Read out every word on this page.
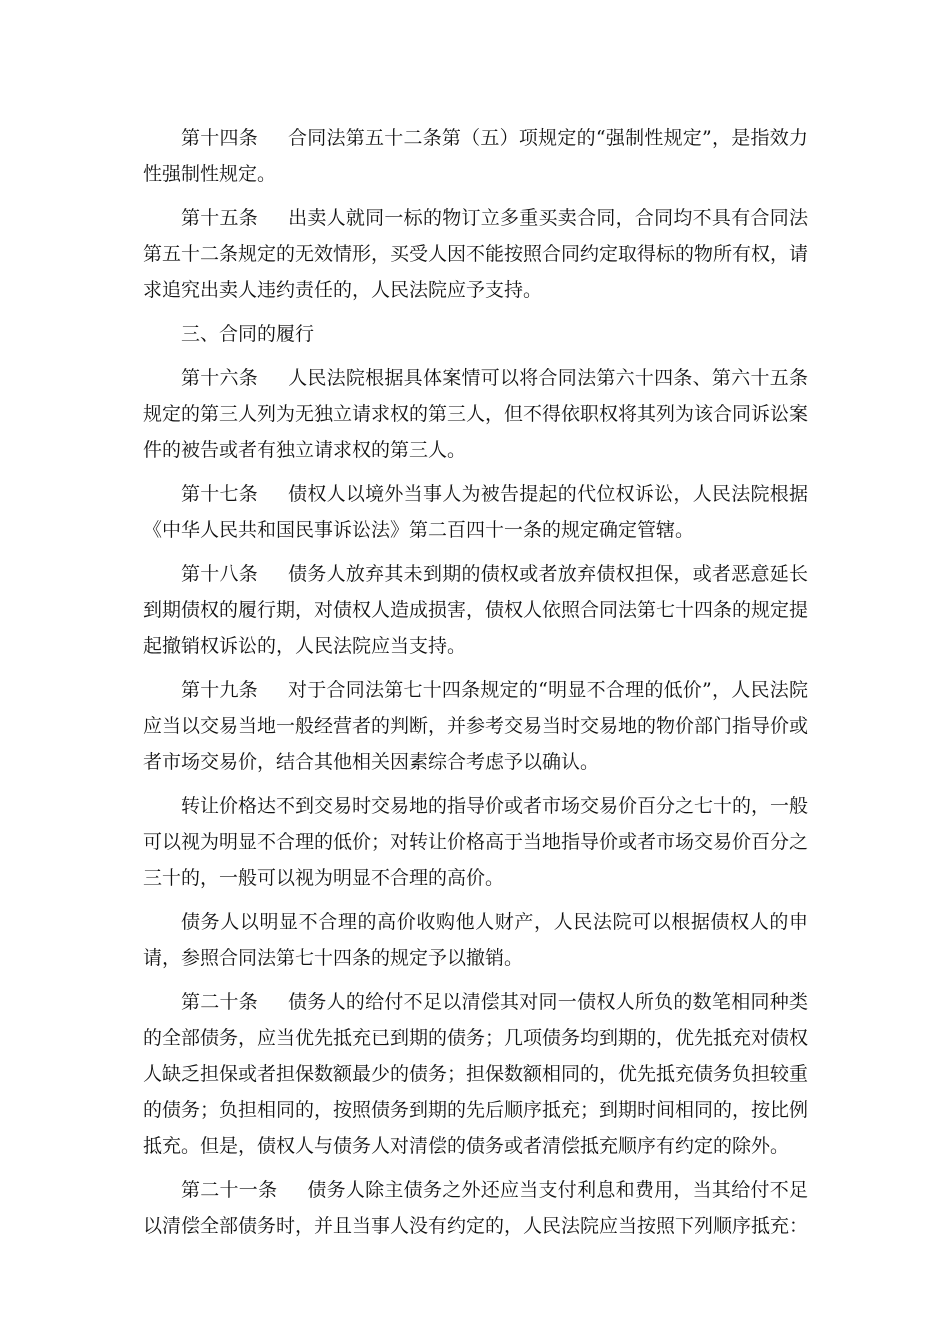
第十四条 合同法第五十二条第（五）项规定的“强制性规定”，是指效力性强制性规定。

第十五条 出卖人就同一标的物订立多重买卖合同，合同均不具有合同法第五十二条规定的无效情形，买受人因不能按照合同约定取得标的物所有权，请求追究出卖人违约责任的，人民法院应予支持。

三、合同的履行

第十六条 人民法院根据具体案情可以将合同法第六十四条、第六十五条规定的第三人列为无独立请求权的第三人，但不得依职权将其列为该合同诉讼案件的被告或者有独立请求权的第三人。

第十七条 债权人以境外当事人为被告提起的代位权诉讼，人民法院根据《中华人民共和国民事诉讼法》第二百四十一条的规定确定管辖。

第十八条 债务人放弃其未到期的债权或者放弃债权担保，或者恶意延长到期债权的履行期，对债权人造成损害，债权人依照合同法第七十四条的规定提起撤销权诉讼的，人民法院应当支持。

第十九条 对于合同法第七十四条规定的“明显不合理的低价”，人民法院应当以交易当地一般经营者的判断，并参考交易当时交易地的物价部门指导价或者市场交易价，结合其他相关因素综合考虑予以确认。

转让价格达不到交易时交易地的指导价或者市场交易价百分之七十的，一般可以视为明显不合理的低价；对转让价格高于当地指导价或者市场交易价百分之三十的，一般可以视为明显不合理的高价。

债务人以明显不合理的高价收购他人财产，人民法院可以根据债权人的申请，参照合同法第七十四条的规定予以撤销。

第二十条 债务人的给付不足以清偿其对同一债权人所负的数笔相同种类的全部债务，应当优先抵充已到期的债务；几项债务均到期的，优先抵充对债权人缺乏担保或者担保数额最少的债务；担保数额相同的，优先抵充债务负担较重的债务；负担相同的，按照债务到期的先后顺序抵充；到期时间相同的，按比例抵充。但是，债权人与债务人对清偿的债务或者清偿抵充顺序有约定的除外。

第二十一条 债务人除主债务之外还应当支付利息和费用，当其给付不足以清偿全部债务时，并且当事人没有约定的，人民法院应当按照下列顺序抵充：
